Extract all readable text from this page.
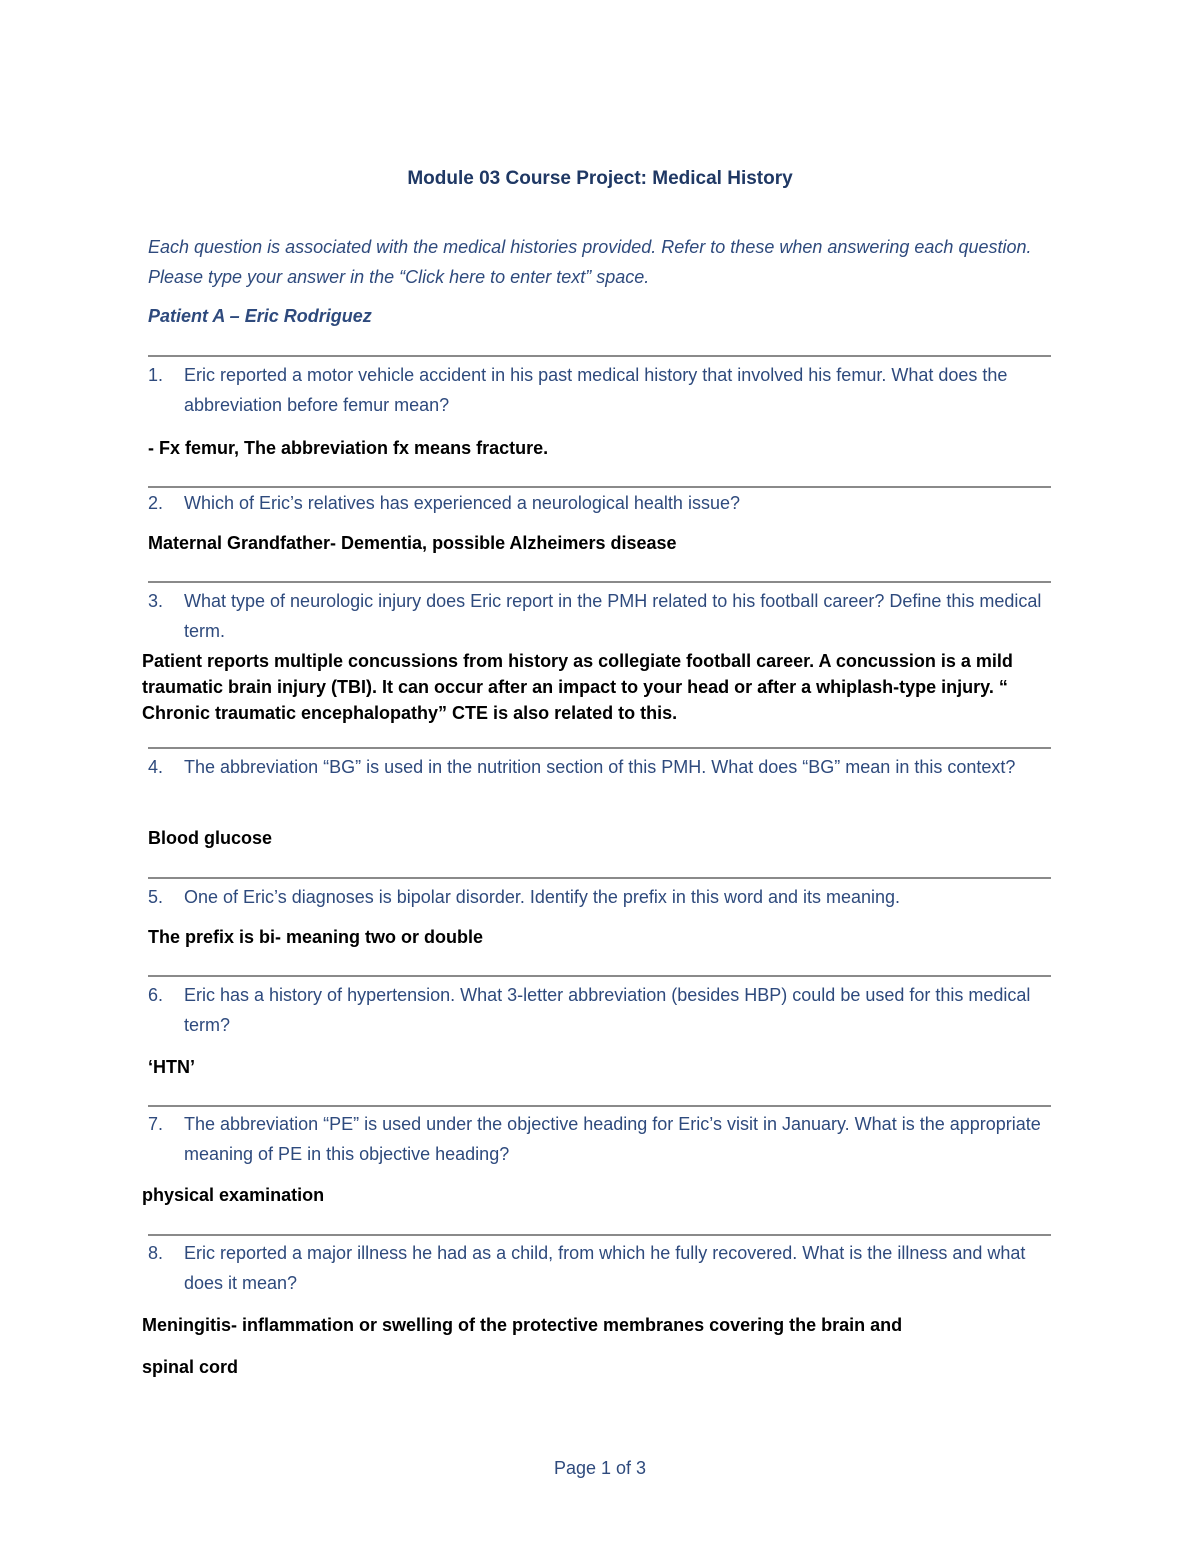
Module 03 Course Project: Medical History
Each question is associated with the medical histories provided. Refer to these when answering each question. Please type your answer in the “Click here to enter text” space.
Patient A – Eric Rodriguez
1.	Eric reported a motor vehicle accident in his past medical history that involved his femur. What does the abbreviation before femur mean?
- Fx femur, The abbreviation fx means fracture.
2.	Which of Eric’s relatives has experienced a neurological health issue?
Maternal Grandfather- Dementia, possible Alzheimers disease
3.	What type of neurologic injury does Eric report in the PMH related to his football career? Define this medical term.
Patient reports multiple concussions from history as collegiate football career. A concussion is a mild traumatic brain injury (TBI). It can occur after an impact to your head or after a whiplash-type injury. “ Chronic traumatic encephalopathy” CTE is also related to this.
4.	The abbreviation “BG” is used in the nutrition section of this PMH. What does “BG” mean in this context?
Blood glucose
5.	One of Eric’s diagnoses is bipolar disorder. Identify the prefix in this word and its meaning.
The prefix is bi- meaning two or double
6.	Eric has a history of hypertension. What 3-letter abbreviation (besides HBP) could be used for this medical term?
‘HTN’
7.	The abbreviation “PE” is used under the objective heading for Eric’s visit in January. What is the appropriate meaning of PE in this objective heading?
physical examination
8.	Eric reported a major illness he had as a child, from which he fully recovered. What is the illness and what does it mean?
Meningitis- inflammation or swelling of the protective membranes covering the brain and
spinal cord
Page 1 of 3
